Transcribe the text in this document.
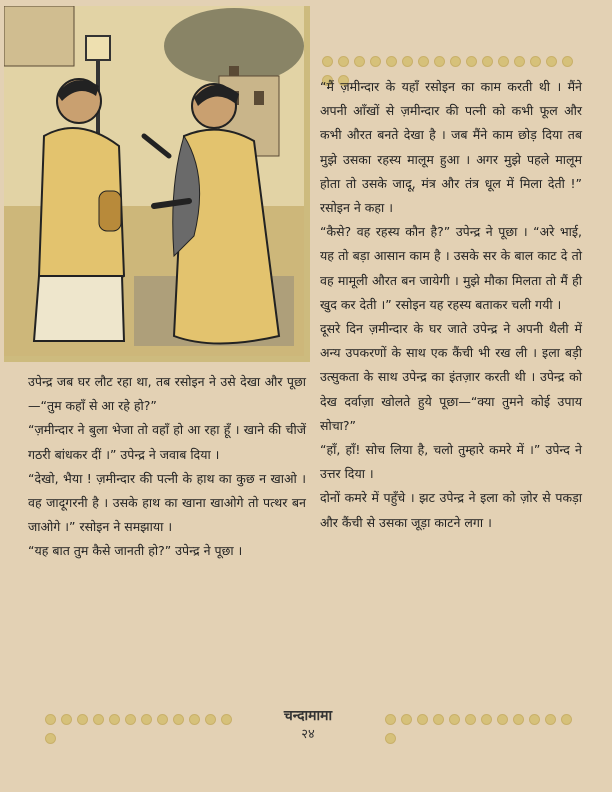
“मैं ज़मीन्दार के यहाँ रसोइन का काम करती थी । मैंने अपनी आँखों से ज़मीन्दार की पत्नी को कभी फूल और कभी औरत बनते देखा है । जब मैंने काम छोड़ दिया तब मुझे उसका रहस्य मालूम हुआ । अगर मुझे पहले मालूम होता तो उसके जादू, मंत्र और तंत्र धूल में मिला देती !” रसोइन ने कहा ।

“कैसे? वह रहस्य कौन है?” उपेन्द्र ने पूछा । “अरे भाई, यह तो बड़ा आसान काम है । उसके सर के बाल काट दे तो वह मामूली औरत बन जायेगी । मुझे मौका मिलता तो मैं ही खुद कर देती ।” रसोइन यह रहस्य बताकर चली गयी ।

दूसरे दिन ज़मीन्दार के घर जाते उपेन्द्र ने अपनी थैली में अन्य उपकरणों के साथ एक कैंची भी रख ली । इला बड़ी उत्सुकता के साथ उपेन्द्र का इंतज़ार करती थी । उपेन्द्र को देख दर्वाज़ा खोलते हुये पूछा—“क्या तुमने कोई उपाय सोचा?”

“हाँ, हाँ! सोच लिया है, चलो तुम्हारे कमरे में ।” उपेन्द ने उत्तर दिया ।

दोनों कमरे में पहुँचे । झट उपेन्द्र ने इला को ज़ोर से पकड़ा और कैंची से उसका जूड़ा काटने लगा ।

उपेन्द्र जब घर लौट रहा था, तब रसोइन ने उसे देखा और पूछा—“तुम कहाँ से आ रहे हो?”

“ज़मीन्दार ने बुला भेजा तो वहाँ हो आ रहा हूँ । खाने की चीजें गठरी बांधकर दीं ।” उपेन्द्र ने जवाब दिया ।

“देखो, भैया ! ज़मीन्दार की पत्नी के हाथ का कुछ न खाओ । वह जादूगरनी है । उसके हाथ का खाना खाओगे तो पत्थर बन जाओगे ।” रसोइन ने समझाया ।

“यह बात तुम कैसे जानती हो?” उपेन्द्र ने पूछा ।

चन्दामामा
२४
